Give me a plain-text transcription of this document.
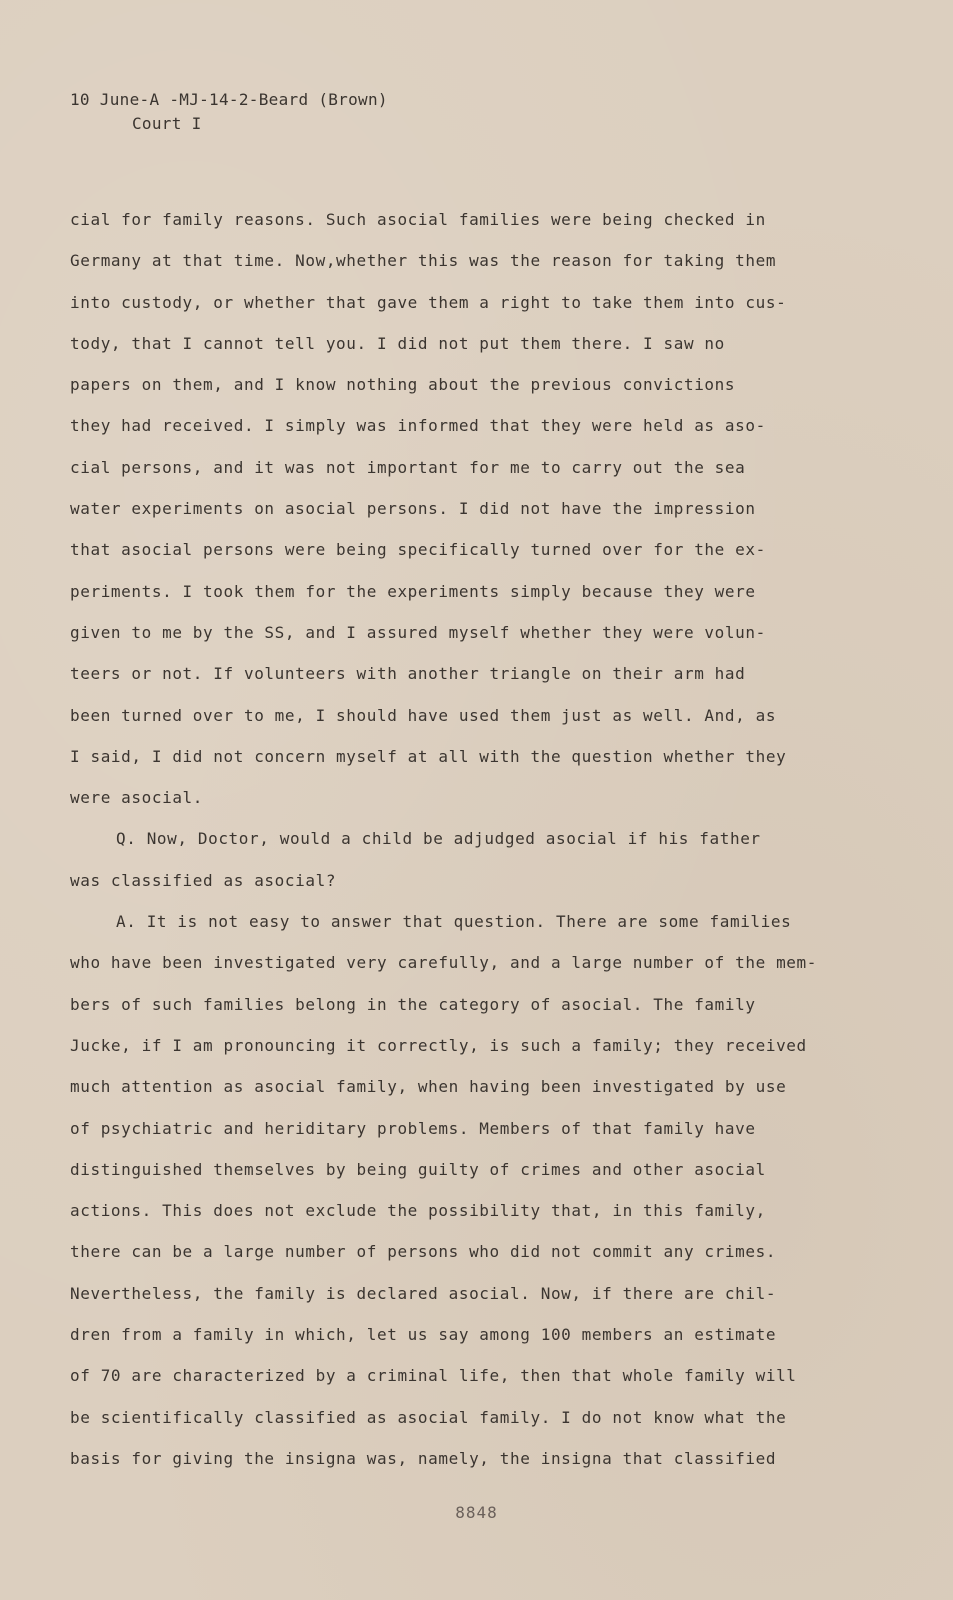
10 June-A -MJ-14-2-Beard (Brown)
Court I
cial for family reasons. Such asocial families were being checked in
Germany at that time. Now,whether this was the reason for taking them
into custody, or whether that gave them a right to take them into cus-
tody, that I cannot tell you. I did not put them there. I saw no
papers on them, and I know nothing about the previous convictions
they had received. I simply was informed that they were held as aso-
cial persons, and it was not important for me to carry out the sea
water experiments on asocial persons. I did not have the impression
that asocial persons were being specifically turned over for the ex-
periments. I took them for the experiments simply because they were
given to me by the SS, and I assured myself whether they were volun-
teers or not. If volunteers with another triangle on their arm had
been turned over to me, I should have used them just as well. And, as
I said, I did not concern myself at all with the question whether they
were asocial.
Q. Now, Doctor, would a child be adjudged asocial if his father
was classified as asocial?
A. It is not easy to answer that question. There are some families
who have been investigated very carefully, and a large number of the mem-
bers of such families belong in the category of asocial. The family
Jucke, if I am pronouncing it correctly, is such a family; they received
much attention as asocial family, when having been investigated by use
of psychiatric and heriditary problems. Members of that family have
distinguished themselves by being guilty of crimes and other asocial
actions. This does not exclude the possibility that, in this family,
there can be a large number of persons who did not commit any crimes.
Nevertheless, the family is declared asocial. Now, if there are chil-
dren from a family in which, let us say among 100 members an estimate
of 70 are characterized by a criminal life, then that whole family will
be scientifically classified as asocial family. I do not know what the
basis for giving the insigna was, namely, the insigna that classified
8848
